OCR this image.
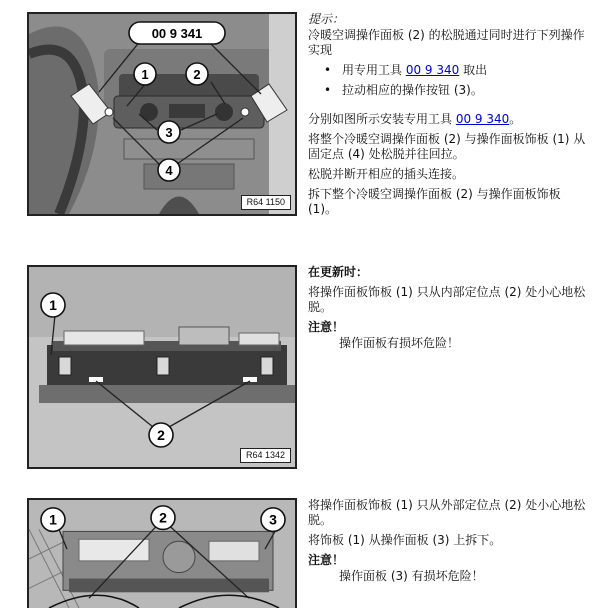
00 9 341
1	2
3
4
R64 1150
1
2
R64 1342
1	2	3

提示：

冷暖空调操作面板 (2) 的松脱通过同时进行下列操作实现

• 用专用工具 00 9 340 取出
• 拉动相应的操作按钮 (3)。

分别如图所示安装专用工具 00 9 340。

将整个冷暖空调操作面板 (2) 与操作面板饰板 (1) 从固定点 (4) 处松脱并往回拉。

松脱并断开相应的插头连接。

拆下整个冷暖空调操作面板 (2) 与操作面板饰板 (1)。

在更新时：

将操作面板饰板 (1) 只从内部定位点 (2) 处小心地松脱。

注意！

操作面板有损坏危险！

将操作面板饰板 (1) 只从外部定位点 (2) 处小心地松脱。

将饰板 (1) 从操作面板 (3) 上拆下。

注意！

操作面板 (3) 有损坏危险！
